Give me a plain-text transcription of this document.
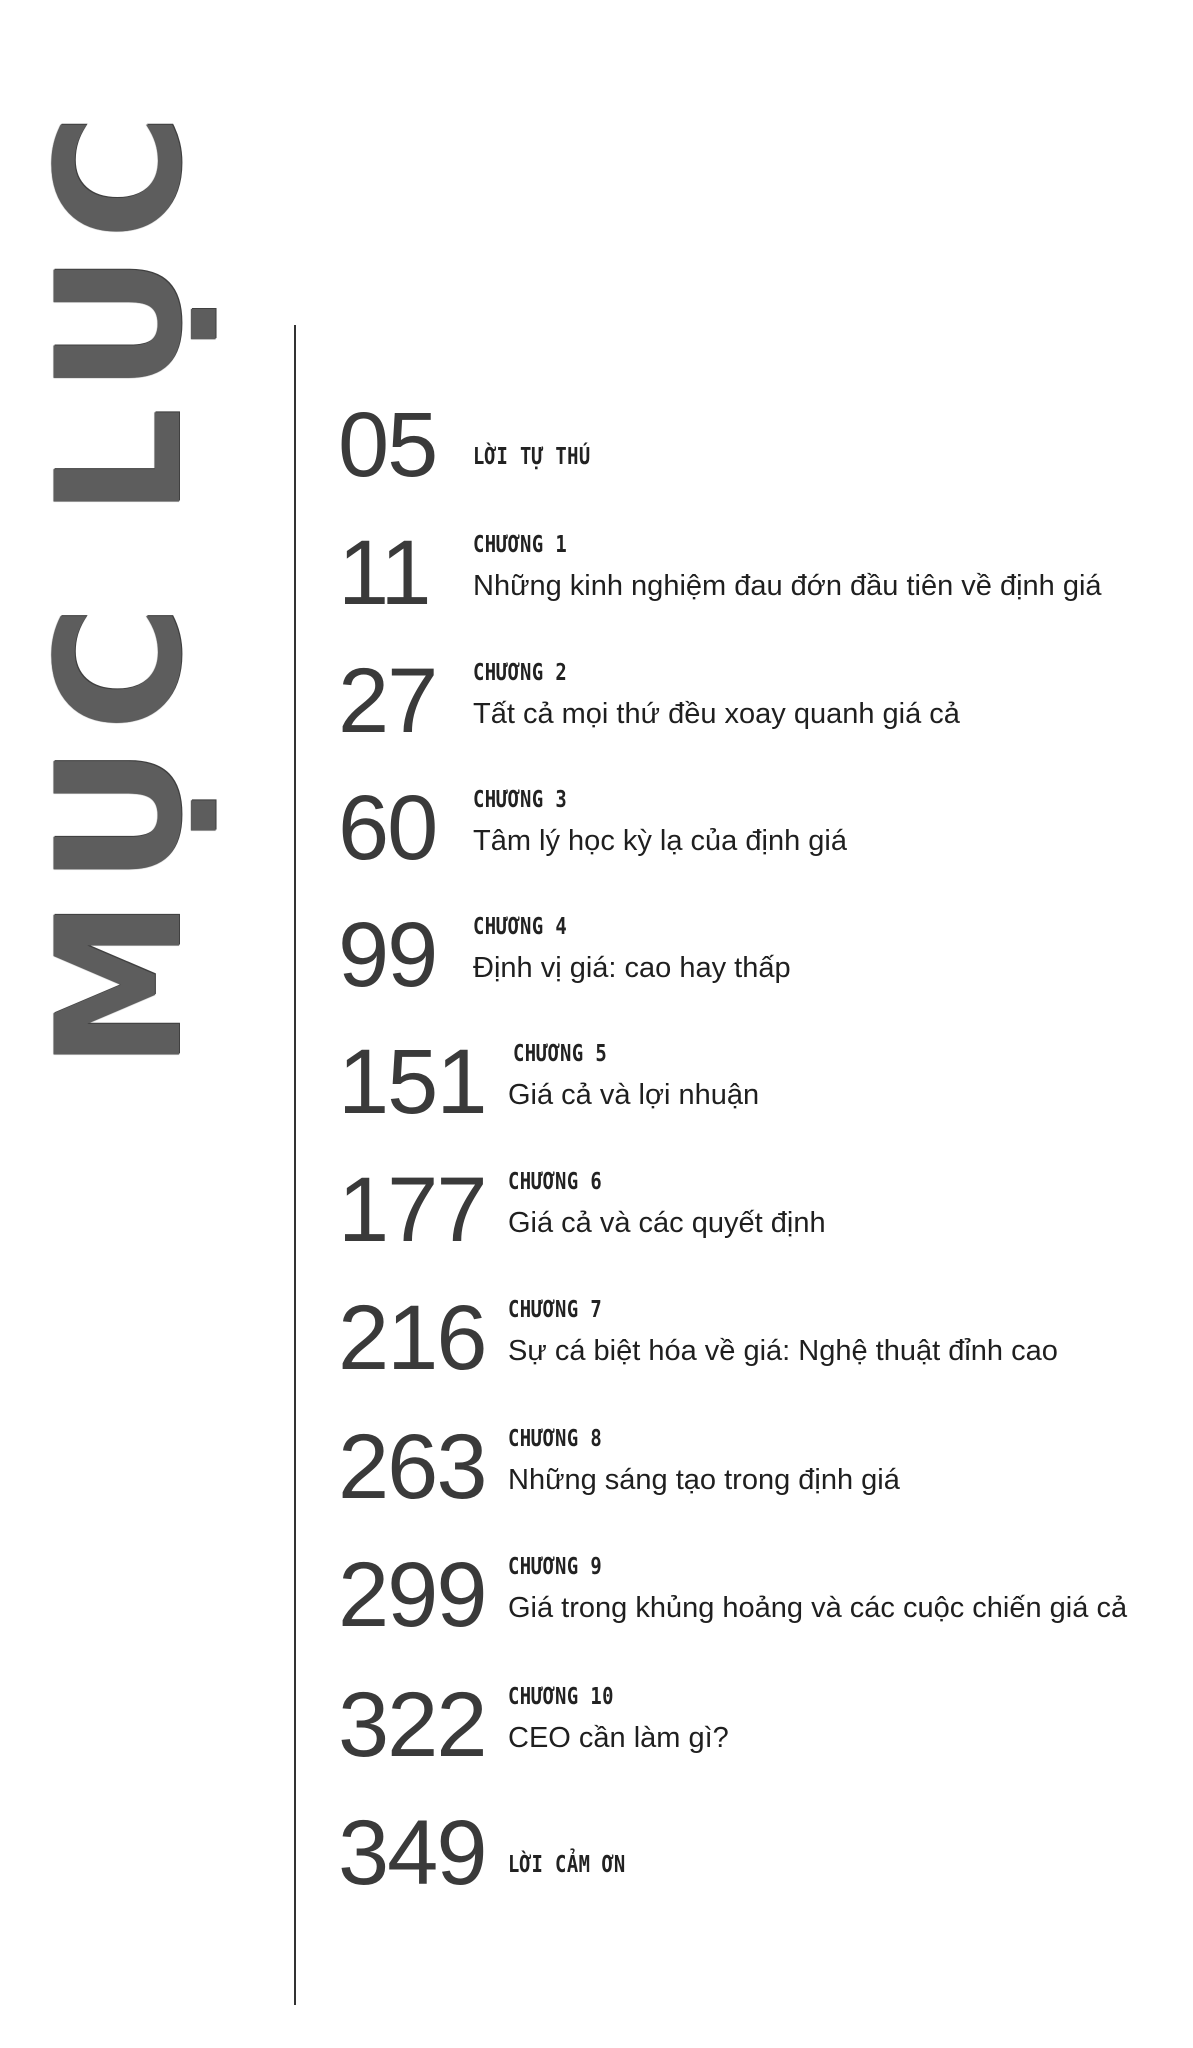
MỤC LỤC 05 LỜI TỰ THÚ
11 CHƯƠNG 1
Những kinh nghiệm đau đớn đầu tiên về định giá
27 CHƯƠNG 2
Tất cả mọi thứ đều xoay quanh giá cả
60 CHƯƠNG 3
Tâm lý học kỳ lạ của định giá
99 CHƯƠNG 4
Định vị giá: cao hay thấp
151 CHƯƠNG 5
Giá cả và lợi nhuận
177 CHƯƠNG 6
Giá cả và các quyết định
216 CHƯƠNG 7
Sự cá biệt hóa về giá: Nghệ thuật đỉnh cao
263 CHƯƠNG 8
Những sáng tạo trong định giá
299 CHƯƠNG 9
Giá trong khủng hoảng và các cuộc chiến giá cả
322 CHƯƠNG 10
CEO cần làm gì?
349 LỜI CẢM ƠN
